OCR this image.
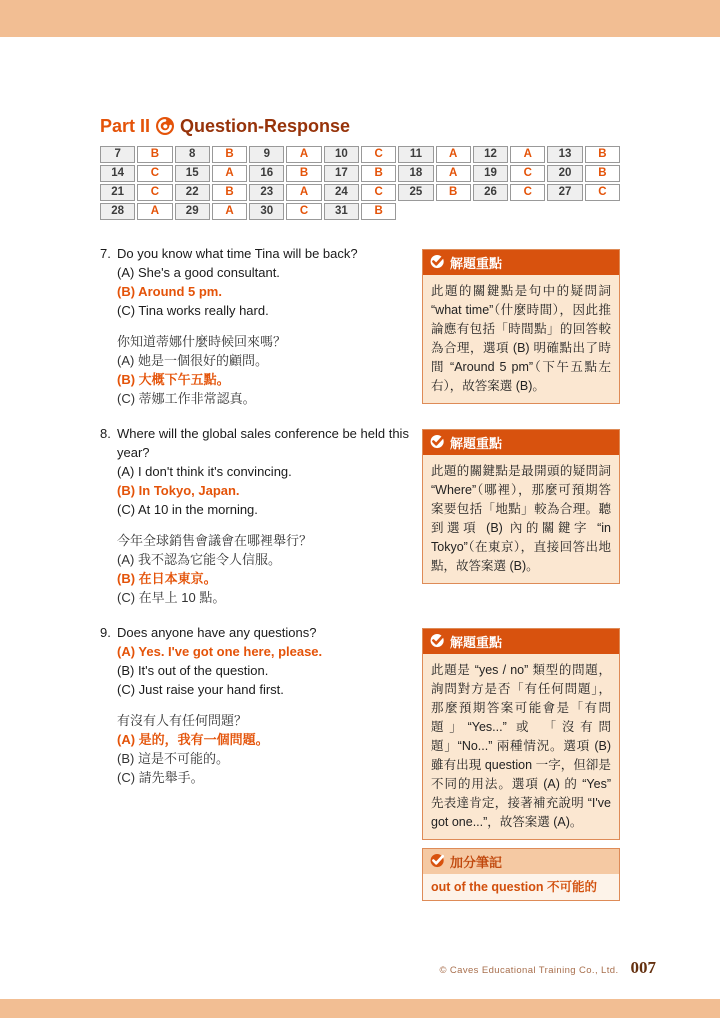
Part II Question-Response
7	B	8	B	9	A	10	C	11	A	12	A	13	B
14	C	15	A	16	B	17	B	18	A	19	C	20	B
21	C	22	B	23	A	24	C	25	B	26	C	27	C
28	A	29	A	30	C	31	B
7. Do you know what time Tina will be back?
(A) She's a good consultant.
(B) Around 5 pm.
(C) Tina works really hard.
你知道蒂娜什麼時候回來嗎？
(A) 她是一個很好的顧問。
(B) 大概下午五點。
(C) 蒂娜工作非常認真。
解題重點
此題的關鍵點是句中的疑問詞 “what time”（什麼時間），因此推論應有包括「時間點」的回答較為合理，選項 (B) 明確點出了時間 “Around 5 pm”（下午五點左右），故答案選 (B)。
8. Where will the global sales conference be held this year?
(A) I don't think it's convincing.
(B) In Tokyo, Japan.
(C) At 10 in the morning.
今年全球銷售會議會在哪裡舉行？
(A) 我不認為它能令人信服。
(B) 在日本東京。
(C) 在早上 10 點。
解題重點
此題的關鍵點是最開頭的疑問詞 “Where”（哪裡），那麼可預期答案要包括「地點」較為合理。聽到選項 (B) 內的關鍵字 “in Tokyo”（在東京），直接回答出地點，故答案選 (B)。
9. Does anyone have any questions?
(A) Yes. I've got one here, please.
(B) It's out of the question.
(C) Just raise your hand first.
有沒有人有任何問題？
(A) 是的，我有一個問題。
(B) 這是不可能的。
(C) 請先舉手。
解題重點
此題是 “yes / no” 類型的問題，詢問對方是否「有任何問題」，那麼預期答案可能會是「有問題」“Yes...” 或 「沒有問題」“No...” 兩種情況。選項 (B) 雖有出現 question 一字，但卻是不同的用法。選項 (A) 的 “Yes” 先表達肯定，接著補充說明 “I've got one...”，故答案選 (A)。
加分筆記
out of the question 不可能的
© Caves Educational Training Co., Ltd. 007
